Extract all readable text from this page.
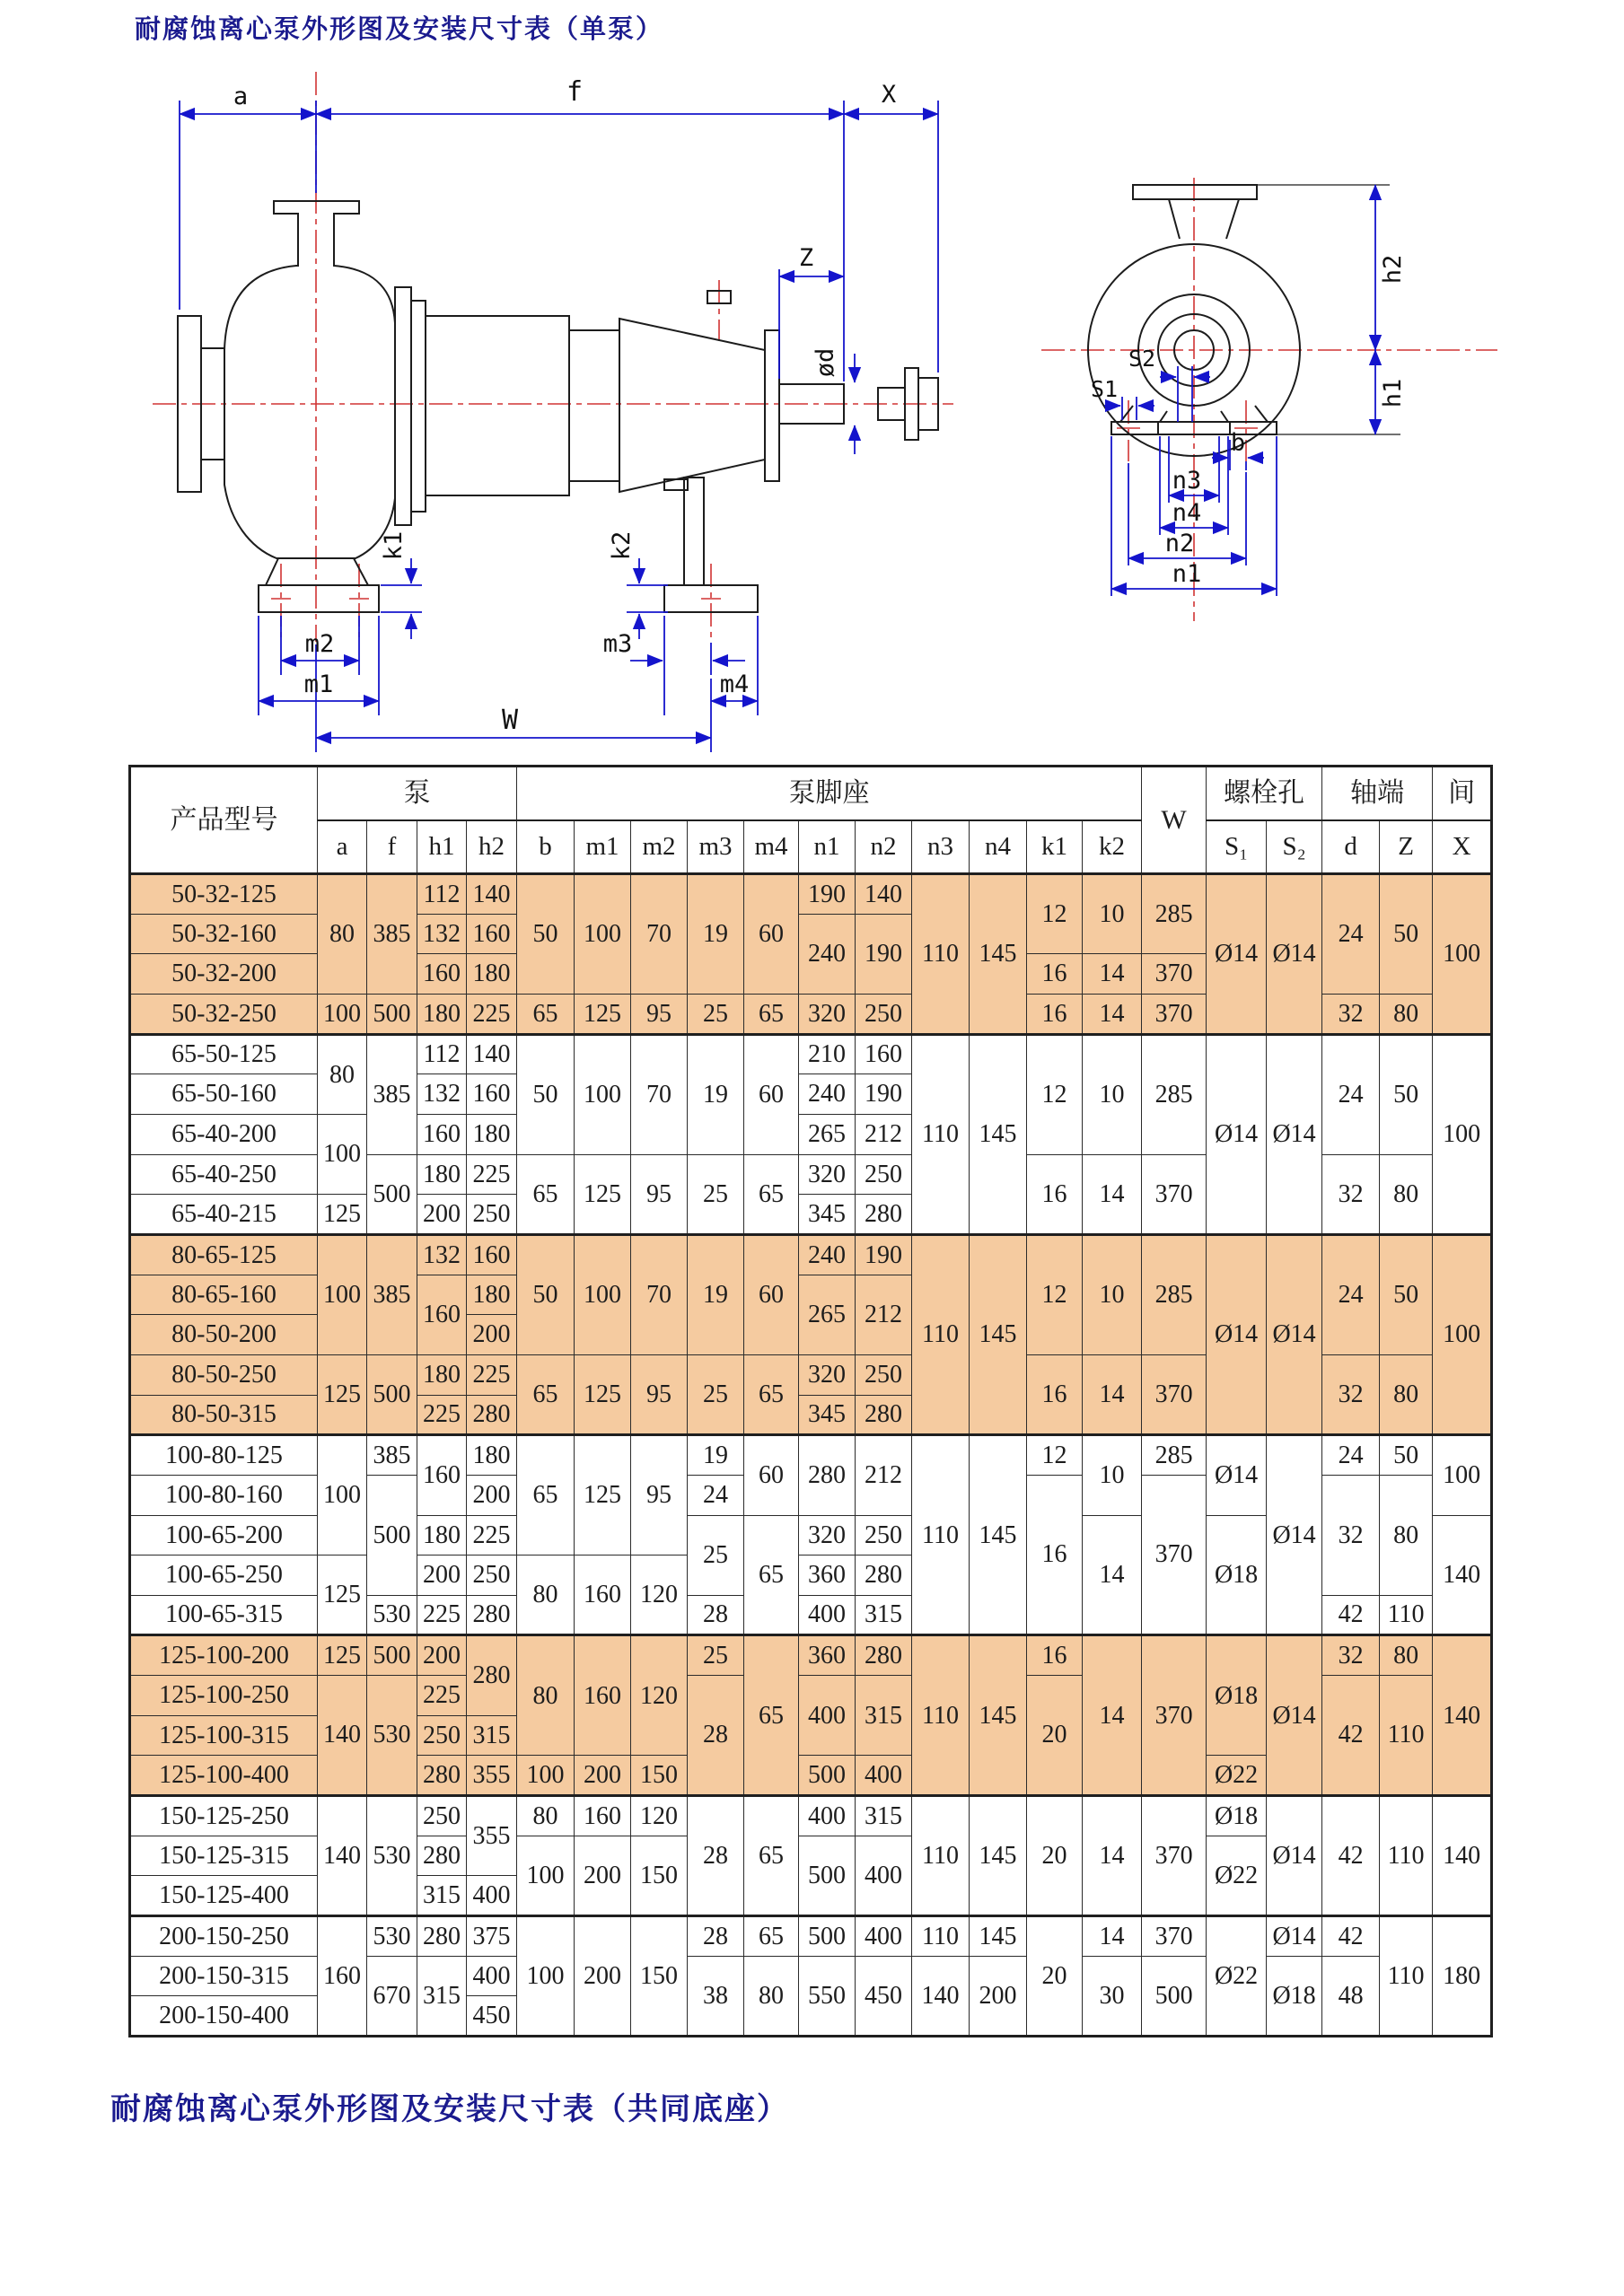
耐腐蚀离心泵外形图及安装尺寸表（单泵）
a	f	X
Z
ød
k1	k2
m2
m1
m3
m4
W
h2
h1
S2
S1
b
n3
n4
n2
n1
产品型号	泵				泵脚座											W	螺栓孔		轴端		间
	a	f	h1	h2	b	m1	m2	m3	m4	n1	n2	n3	n4	k1	k2		S₁	S₂	d	Z	X
50-32-125	80	385	112	140	50	100	70	19	60	190	140	110	145	12	10	285	Ø14	Ø14	24	50	100
50-32-160			132	160						240	190										
50-32-200			160	180										16	14	370					
50-32-250	100	500	180	225	65	125	95	25	65	320	250			16	14	370			32	80	
65-50-125	80	385	112	140	50	100	70	19	60	210	160	110	145	12	10	285	Ø14	Ø14	24	50	100
65-50-160			132	160						240	190										
65-40-200	100		160	180						265	212										
65-40-250		500	180	225	65	125	95	25	65	320	250			16	14	370			32	80	
65-40-215	125		200	250						345	280										
80-65-125	100	385	132	160	50	100	70	19	60	240	190	110	145	12	10	285	Ø14	Ø14	24	50	100
80-65-160			160	180						265	212										
80-50-200				200																	
80-50-250	125	500	180	225	65	125	95	25	65	320	250			16	14	370			32	80	
80-50-315			225	280						345	280										
100-80-125	100	385	160	180	65	125	95	19	60	280	212	110	145	12	10	285	Ø14	Ø14	24	50	100
100-80-160		500		200				24						16		370			32	80	
100-65-200			180	225				25	65	320	250				14		Ø18				140
100-65-250	125		200	250	80	160	120			360	280										
100-65-315		530	225	280				28		400	315								42	110	
125-100-200	125	500	200	280	80	160	120	25	65	360	280	110	145	16	14	370	Ø18	Ø14	32	80	140
125-100-250	140	530	225					28		400	315			20					42	110	
125-100-315			250	315																	
125-100-400			280	355	100	200	150			500	400						Ø22				
150-125-250	140	530	250	355	80	160	120	28	65	400	315	110	145	20	14	370	Ø18	Ø14	42	110	140
150-125-315			280		100	200	150			500	400						Ø22				
150-125-400			315	400																	
200-150-250	160	530	280	375	100	200	150	28	65	500	400	110	145	20	14	370	Ø22	Ø14	42	110	180
200-150-315		670	315	400				38	80	550	450	140	200		30	500		Ø18	48		
200-150-400				450																	
耐腐蚀离心泵外形图及安装尺寸表（共同底座）
